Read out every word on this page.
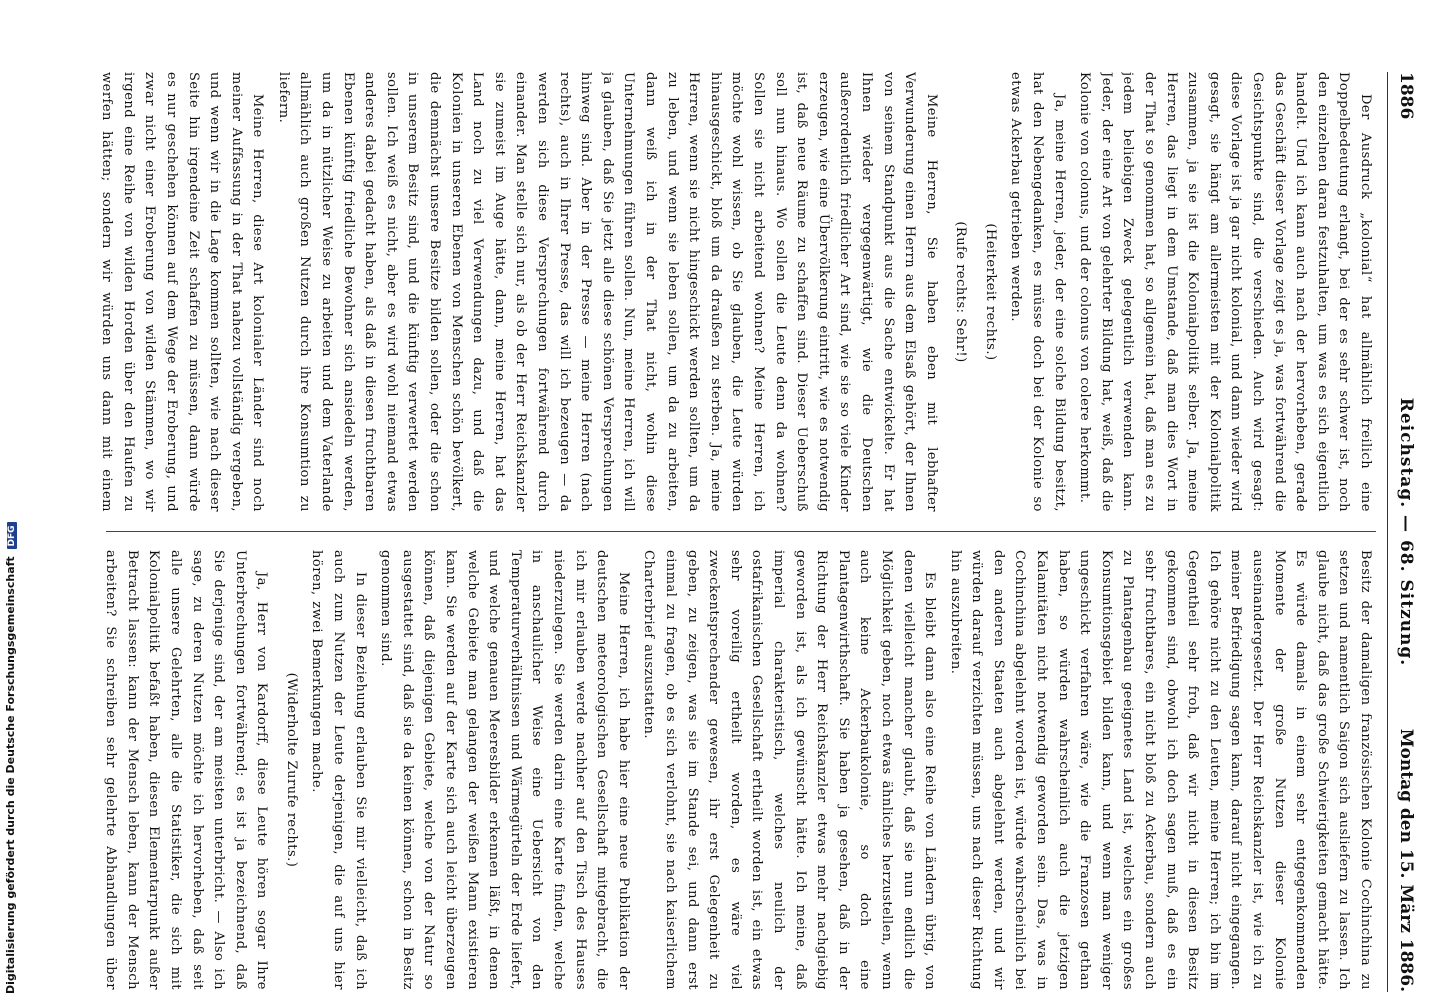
1886
Reichstag. — 68. Sitzung.
Montag den 15. März 1886.

Der Ausdruck „kolonial“ hat allmählich freilich eine Doppelbedeutung erlangt, bei der es sehr schwer ist, noch den einzelnen daran festzuhalten, um was es sich eigentlich handelt. Und ich kann auch nach der hervorheben, gerade das Geschäft dieser Vorlage zeigt es ja, was fortwährend die Gesichtspunkte sind, die verschieden. Auch wird gesagt: diese Vorlage ist ja gar nicht kolonial, und dann wieder wird gesagt, sie hängt am allermeisten mit der Kolonialpolitik zusammen, ja sie ist die Kolonialpolitik selber. Ja, meine Herren, das liegt in dem Umstande, daß man dies Wort in der That so genommen hat, so allgemein hat, daß man es zu jedem beliebigen Zweck gelegentlich verwenden kann. Jeder, der eine Art von gelehrter Bildung hat, weiß, daß die Kolonie von colonus, und der colonus von colere herkommt.

Ja, meine Herren, jeder, der eine solche Bildung besitzt, hat den Nebengedanken, es müsse doch bei der Kolonie so etwas Ackerbau getrieben werden.

(Heiterkeit rechts.)
(Rufe rechts: Sehr!)

Meine Herren, Sie haben eben mit lebhafter Verwunderung einen Herrn aus dem Elsaß gehört, der Ihnen von seinem Standpunkt aus die Sache entwickelte. Er hat Ihnen wieder vergegenwärtigt, wie die Deutschen außerordentlich friedlicher Art sind, wie sie so viele Kinder erzeugen, wie eine Übervölkerung eintritt, wie es notwendig ist, daß neue Räume zu schaffen sind. Dieser Ueberschuß soll nun hinaus. Wo sollen die Leute denn da wohnen? Sollen sie nicht arbeitend wohnen? Meine Herren, ich möchte wohl wissen, ob Sie glauben, die Leute würden hinausgeschickt, bloß um da draußen zu sterben. Ja, meine Herren, wenn sie nicht hingeschickt werden sollten, um da zu leben, und wenn sie leben sollen, um da zu arbeiten, dann weiß ich in der That nicht, wohin diese Unternehmungen führen sollen. Nun, meine Herren, ich will ja glauben, daß Sie jetzt alle diese schönen Versprechungen hinweg sind. Aber in der Presse — meine Herren (nach rechts), auch in Ihrer Presse, das will ich bezeugen — da werden sich diese Versprechungen fortwährend durch einander. Man stelle sich nur, als ob der Herr Reichskanzler sie zumeist im Auge hätte, dann, meine Herren, hat das Land noch zu viel Verwendungen dazu, und daß die Kolonien in unseren Ebenen von Menschen schön bevölkert, die demnächst unsere Besitze bilden sollen, oder die schon in unserem Besitz sind, und die künftig verwertet werden sollen. Ich weiß es nicht, aber es wird wohl niemand etwas anderes dabei gedacht haben, als daß in diesen fruchtbaren Ebenen künftig friedliche Bewohner sich ansiedeln werden, um da in nützlicher Weise zu arbeiten und dem Vaterlande allmählich auch großen Nutzen durch ihre Konsumtion zu liefern.

Meine Herren, diese Art kolonialer Länder sind noch meiner Auffassung in der That nahezu vollständig vergeben, und wenn wir in die Lage kommen sollten, wie nach dieser Seite hin irgendeine Zeit schaffen zu müssen, dann würde es nur geschehen können auf dem Wege der Eroberung, und zwar nicht einer Eroberung von wilden Stämmen, wo wir irgend eine Reihe von wilden Horden über den Haufen zu werfen hätten; sondern wir würden uns dann mit einem

Besitz der damaligen französischen Kolonie Cochinchina zu setzen und namentlich Saigon sich ausliefern zu lassen. Ich glaube nicht, daß das große Schwierigkeiten gemacht hätte. Es würde damals in einem sehr entgegenkommenden Momente der große Nutzen dieser Kolonie auseinandergesetzt. Der Herr Reichskanzler ist, wie ich zu meiner Befriedigung sagen kann, darauf nicht eingegangen. Ich gehöre nicht zu den Leuten, meine Herren; ich bin im Gegentheil sehr froh, daß wir nicht in diesen Besitz gekommen sind, obwohl ich doch sagen muß, daß es ein sehr fruchtbares, ein nicht bloß zu Ackerbau, sondern auch zu Plantagenbau geeignetes Land ist, welches ein großes Konsumtionsgebiet bilden kann, und wenn man weniger ungeschickt verfahren wäre, wie die Franzosen gethan haben, so würden wahrscheinlich auch die jetzigen Kalamitäten nicht notwendig geworden sein. Das, was in Cochinchina abgelehnt worden ist, würde wahrscheinlich bei den anderen Staaten auch abgelehnt werden, und wir würden darauf verzichten müssen, uns nach dieser Richtung hin auszubreiten.

Es bleibt dann also eine Reihe von Ländern übrig, von denen vielleicht mancher glaubt, daß sie nun endlich die Möglichkeit geben, noch etwas ähnliches herzustellen, wenn auch keine Ackerbaukolonie, so doch eine Plantagenwirthschaft. Sie haben ja gesehen, daß in der Richtung der Herr Reichskanzler etwas mehr nachgiebig geworden ist, als ich gewünscht hätte. Ich meine, daß imperial charakteristisch, welches neulich der ostafrikanischen Gesellschaft ertheilt worden ist, ein etwas sehr voreilig ertheilt worden, es wäre viel zweckentsprechender gewesen, ihr erst Gelegenheit zu geben, zu zeigen, was sie im Stande sei, und dann erst einmal zu fragen, ob es sich verlohnt, sie nach kaiserlichem Charterbrief auszustatten.

Meine Herren, ich habe hier eine neue Publikation der deutschen meteorologischen Gesellschaft mitgebracht, die ich mir erlauben werde nachher auf den Tisch des Hauses niederzulegen. Sie werden darin eine Karte finden, welche in anschaulicher Weise eine Uebersicht von den Temperaturverhältnissen und Wärmegürteln der Erde liefert, und welche genauen Meeresbilder erkennen läßt, in denen welche Gebiete man gelangen der weißen Mann existieren kann. Sie werden auf der Karte sich auch leicht überzeugen können, daß diejenigen Gebiete, welche von der Natur so ausgestattet sind, daß sie da keinen können, schon in Besitz genommen sind.

In dieser Beziehung erlauben Sie mir vielleicht, daß ich auch zum Nutzen der Leute derjenigen, die auf uns hier hören, zwei Bemerkungen mache.

(Widerholte Zurufe rechts.)

Ja, Herr von Kardorff, diese Leute hören sogar Ihre Unterbrechungen fortwährend; es ist ja bezeichnend, daß Sie derjenige sind, der am meisten unterbricht. — Also ich sage, zu deren Nutzen möchte ich hervorheben, daß seit alle unsere Gelehrten, alle die Statistiker, die sich mit Kolonialpolitik befaßt haben, diesen Elementarpunkt außer Betracht lassen: kann der Mensch leben, kann der Mensch arbeiten? Sie schreiben sehr gelehrte Abhandlungen über

Digitalisierung gefördert durch die Deutsche Forschungsgemeinschaft DFG
